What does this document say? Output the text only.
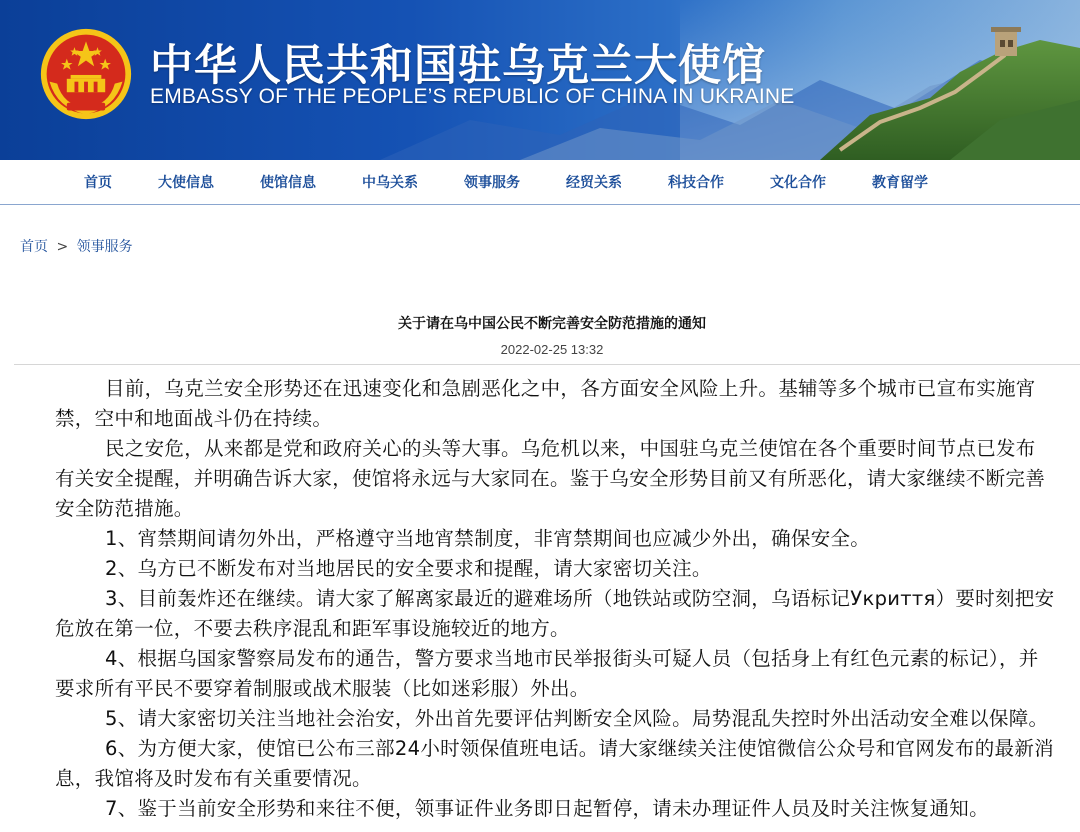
中华人民共和国驻乌克兰大使馆
EMBASSY OF THE PEOPLE’S REPUBLIC OF CHINA IN UKRAINE
首页	大使信息	使馆信息	中乌关系	领事服务	经贸关系	科技合作	文化合作	教育留学
首页 > 领事服务
关于请在乌中国公民不断完善安全防范措施的通知
2022-02-25 13:32

目前，乌克兰安全形势还在迅速变化和急剧恶化之中，各方面安全风险上升。基辅等多个城市已宣布实施宵禁，空中和地面战斗仍在持续。

民之安危，从来都是党和政府关心的头等大事。乌危机以来，中国驻乌克兰使馆在各个重要时间节点已发布有关安全提醒，并明确告诉大家，使馆将永远与大家同在。鉴于乌安全形势目前又有所恶化，请大家继续不断完善安全防范措施。

1、宵禁期间请勿外出，严格遵守当地宵禁制度，非宵禁期间也应减少外出，确保安全。

2、乌方已不断发布对当地居民的安全要求和提醒，请大家密切关注。

3、目前轰炸还在继续。请大家了解离家最近的避难场所（地铁站或防空洞，乌语标记Укриття）要时刻把安危放在第一位，不要去秩序混乱和距军事设施较近的地方。

4、根据乌国家警察局发布的通告，警方要求当地市民举报街头可疑人员（包括身上有红色元素的标记），并要求所有平民不要穿着制服或战术服装（比如迷彩服）外出。

5、请大家密切关注当地社会治安，外出首先要评估判断安全风险。局势混乱失控时外出活动安全难以保障。

6、为方便大家，使馆已公布三部24小时领保值班电话。请大家继续关注使馆微信公众号和官网发布的最新消息，我馆将及时发布有关重要情况。

7、鉴于当前安全形势和来往不便，领事证件业务即日起暂停，请未办理证件人员及时关注恢复通知。
